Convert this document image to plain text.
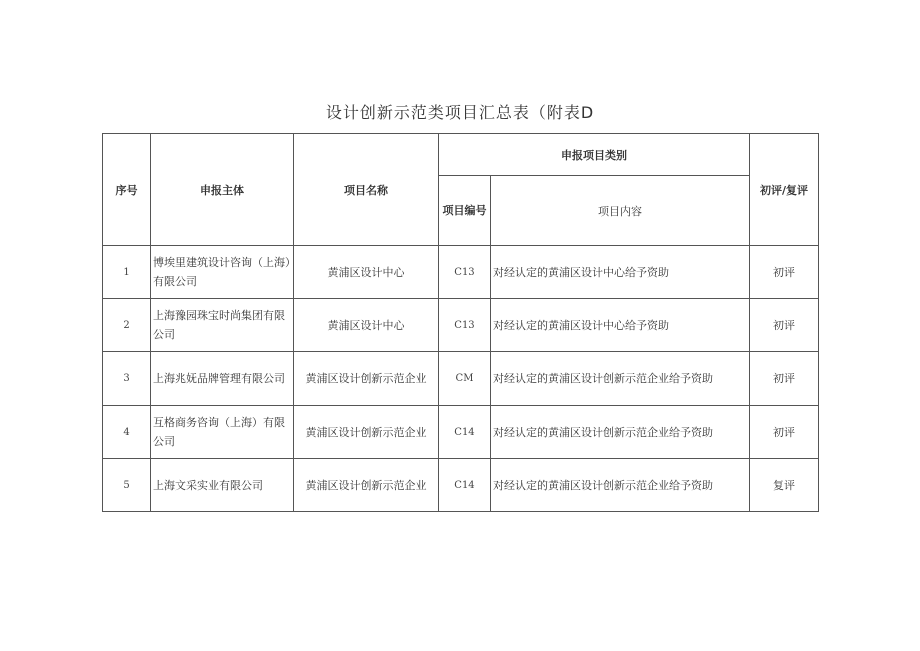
设计创新示范类项目汇总表（附表D
序号	申报主体	项目名称	申报项目类别		初评/复评
			项目编号	项目内容	
1	博埃里建筑设计咨询（上海）有限公司	黄浦区设计中心	C13	对经认定的黄浦区设计中心给予资助	初评
2	上海豫园珠宝时尚集团有限公司	黄浦区设计中心	C13	对经认定的黄浦区设计中心给予资助	初评
3	上海兆妩品牌管理有限公司	黄浦区设计创新示范企业	CM	对经认定的黄浦区设计创新示范企业给予资助	初评
4	互格商务咨询（上海）有限公司	黄浦区设计创新示范企业	C14	对经认定的黄浦区设计创新示范企业给予资助	初评
5	上海文采实业有限公司	黄浦区设计创新示范企业	C14	对经认定的黄浦区设计创新示范企业给予资助	复评
